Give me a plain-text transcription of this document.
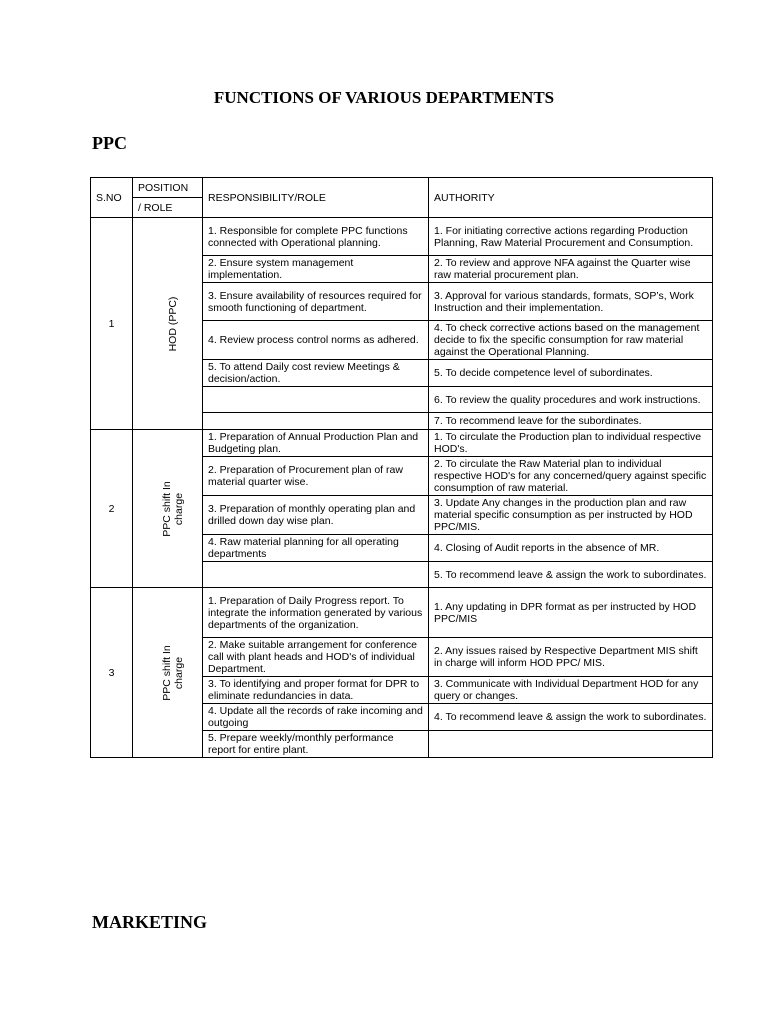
FUNCTIONS OF VARIOUS DEPARTMENTS
PPC
S.NO	POSITION	RESPONSIBILITY/ROLE	AUTHORITY
	/ ROLE		
1	HOD (PPC)	1. Responsible for complete PPC functions connected with Operational planning.	1. For initiating corrective actions regarding Production Planning, Raw Material Procurement and Consumption.
		2. Ensure system management implementation.	2. To review and approve NFA against the Quarter wise raw material procurement plan.
		3. Ensure availability of resources required for smooth functioning of department.	3. Approval for various standards, formats, SOP’s, Work Instruction and their implementation.
		4. Review process control norms as adhered.	4. To check corrective actions based on the management decide to fix the specific consumption for raw material against the Operational Planning.
		5. To attend Daily cost review Meetings & decision/action.	5. To decide competence level of subordinates.
			6. To review the quality procedures and work instructions.
			7. To recommend leave for the subordinates.
2	PPC shift In charge	1. Preparation of Annual Production Plan and Budgeting plan.	1. To circulate the Production plan to individual respective HOD's.
		2. Preparation of Procurement plan of raw material quarter wise.	2. To circulate the Raw Material plan to individual respective HOD's for any concerned/query against specific consumption of raw material.
		3. Preparation of monthly operating plan and drilled down day wise plan.	3. Update Any changes in the production plan and raw material specific consumption as per instructed by HOD PPC/MIS.
		4. Raw material planning for all operating departments	4. Closing of Audit reports in the absence of MR.
			5. To recommend leave & assign the work to subordinates.
3	PPC shift In charge	1. Preparation of Daily Progress report. To integrate the information generated by various departments of the organization.	1. Any updating in DPR format as per instructed by HOD PPC/MIS
		2. Make suitable arrangement for conference call with plant heads and HOD's of individual Department.	2. Any issues raised by Respective Department MIS shift in charge will inform HOD PPC/ MIS.
		3. To identifying and proper format for DPR to eliminate redundancies in data.	3. Communicate with Individual Department HOD for any query or changes.
		4. Update all the records of rake incoming and outgoing	4. To recommend leave & assign the work to subordinates.
		5. Prepare weekly/monthly performance report for entire plant.	
MARKETING
